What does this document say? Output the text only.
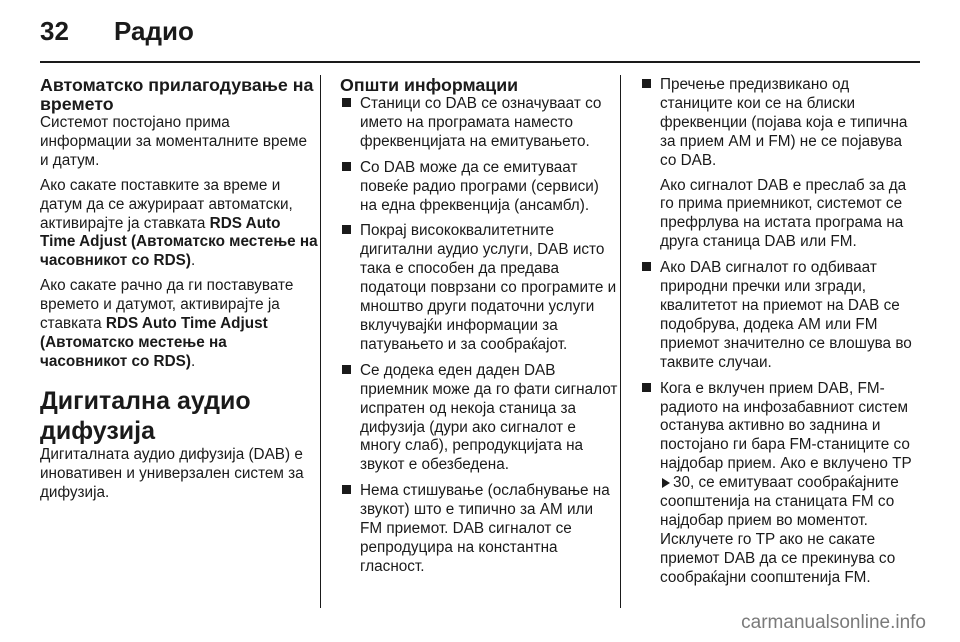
32 Радио
Автоматско прилагодување на времето

Системот постојано прима информации за моменталните време и датум.

Ако сакате поставките за време и датум да се ажурираат автоматски, активирајте ја ставката RDS Auto Time Adjust (Автоматско местење на часовникот со RDS).

Ако сакате рачно да ги поставувате времето и датумот, активирајте ја ставката RDS Auto Time Adjust (Автоматско местење на часовникот со RDS).

Дигитална аудио дифузија

Дигиталната аудио дифузија (DAB) е иновативен и универзален систем за дифузија.

Општи информации
Станици со DAB се означуваат со името на програмата наместо фреквенцијата на емитувањето.
Со DAB може да се емитуваат повеќе радио програми (сервиси) на една фреквенција (ансамбл).
Покрај висококвалитетните дигитални аудио услуги, DAB исто така е способен да предава податоци поврзани со програмите и мноштво други податочни услуги вклучувајќи информации за патувањето и за сообраќајот.
Се додека еден даден DAB приемник може да го фати сигналот испратен од некоја станица за дифузија (дури ако сигналот е многу слаб), репродукцијата на звукот е обезбедена.
Нема стишување (ослабнување на звукот) што е типично за AM или FM приемот. DAB сигналот се репродуцира на константна гласност.
Пречење предизвикано од станиците кои се на блиски фреквенции (појава која е типична за прием AM и FM) не се појавува со DAB.
Ако сигналот DAB е преслаб за да го прима приемникот, системот се префрлува на истата програма на друга станица DAB или FM.
Ако DAB сигналот го одбиваат природни пречки или згради, квалитетот на приемот на DAB се подобрува, додека AM или FM приемот значително се влошува во таквите случаи.
Кога е вклучен прием DAB, FM-радиото на инфозабавниот систем останува активно во заднина и постојано ги бара FM-станиците со најдобар прием. Ако е вклучено TP 30, се емитуваат сообраќајните соопштенија на станицата FM со најдобар прием во моментот. Исклучете го TP ако не сакате приемот DAB да се прекинува со сообраќајни соопштенија FM.
carmanualsonline.info
